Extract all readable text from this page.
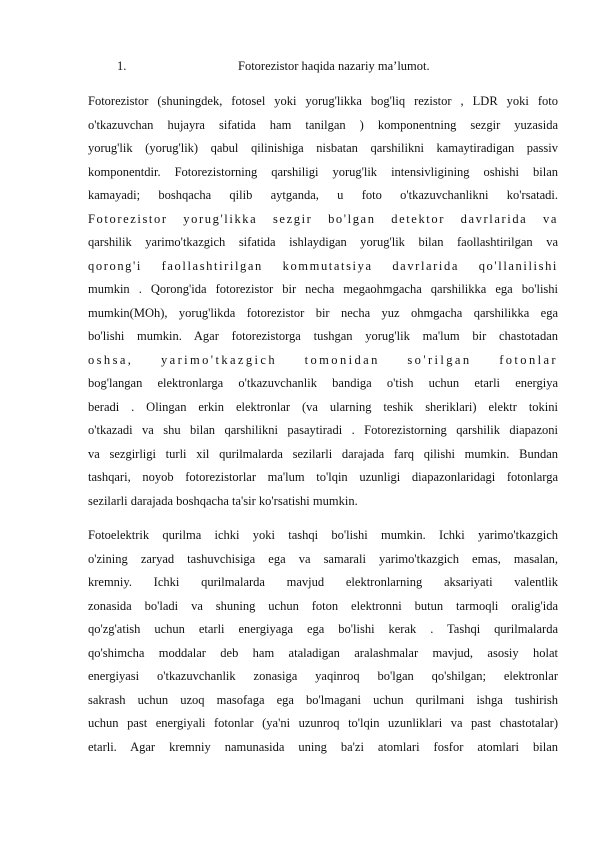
1.	Fotorezistor haqida nazariy ma’lumot.
Fotorezistor (shuningdek, fotosel yoki yorug'likka bog'liq rezistor , LDR yoki foto
o'tkazuvchan hujayra sifatida ham tanilgan ) komponentning sezgir yuzasida
yorug'lik (yorug'lik) qabul qilinishiga nisbatan qarshilikni kamaytiradigan passiv
komponentdir. Fotorezistorning qarshiligi yorug'lik intensivligining oshishi bilan
kamayadi; boshqacha qilib aytganda, u foto o'tkazuvchanlikni ko'rsatadi.
Fotorezistor yorug'likka sezgir bo'lgan detektor davrlarida va
qarshilik yarimo'tkazgich sifatida ishlaydigan yorug'lik bilan faollashtirilgan va
qorong'i faollashtirilgan kommutatsiya davrlarida qo'llanilishi
mumkin . Qorong'ida fotorezistor bir necha megaohmgacha qarshilikka ega bo'lishi
mumkin(MOh), yorug'likda fotorezistor bir necha yuz ohmgacha qarshilikka ega
bo'lishi mumkin. Agar fotorezistorga tushgan yorug'lik ma'lum bir chastotadan
oshsa, yarimo'tkazgich tomonidan so'rilgan fotonlar
bog'langan elektronlarga o'tkazuvchanlik bandiga o'tish uchun etarli energiya
beradi . Olingan erkin elektronlar (va ularning teshik sheriklari) elektr tokini
o'tkazadi va shu bilan qarshilikni pasaytiradi . Fotorezistorning qarshilik diapazoni
va sezgirligi turli xil qurilmalarda sezilarli darajada farq qilishi mumkin. Bundan
tashqari, noyob fotorezistorlar ma'lum to'lqin uzunligi diapazonlaridagi fotonlarga
sezilarli darajada boshqacha ta'sir ko'rsatishi mumkin.
Fotoelektrik qurilma ichki yoki tashqi bo'lishi mumkin. Ichki yarimo'tkazgich
o'zining zaryad tashuvchisiga ega va samarali yarimo'tkazgich emas, masalan,
kremniy. Ichki qurilmalarda mavjud elektronlarning aksariyati valentlik
zonasida bo'ladi va shuning uchun foton elektronni butun tarmoqli oralig'ida
qo'zg'atish uchun etarli energiyaga ega bo'lishi kerak . Tashqi qurilmalarda
qo'shimcha moddalar deb ham ataladigan aralashmalar mavjud, asosiy holat
energiyasi o'tkazuvchanlik zonasiga yaqinroq bo'lgan qo'shilgan; elektronlar
sakrash uchun uzoq masofaga ega bo'lmagani uchun qurilmani ishga tushirish
uchun past energiyali fotonlar (ya'ni uzunroq to'lqin uzunliklari va past chastotalar)
etarli. Agar kremniy namunasida uning ba'zi atomlari fosfor atomlari bilan
